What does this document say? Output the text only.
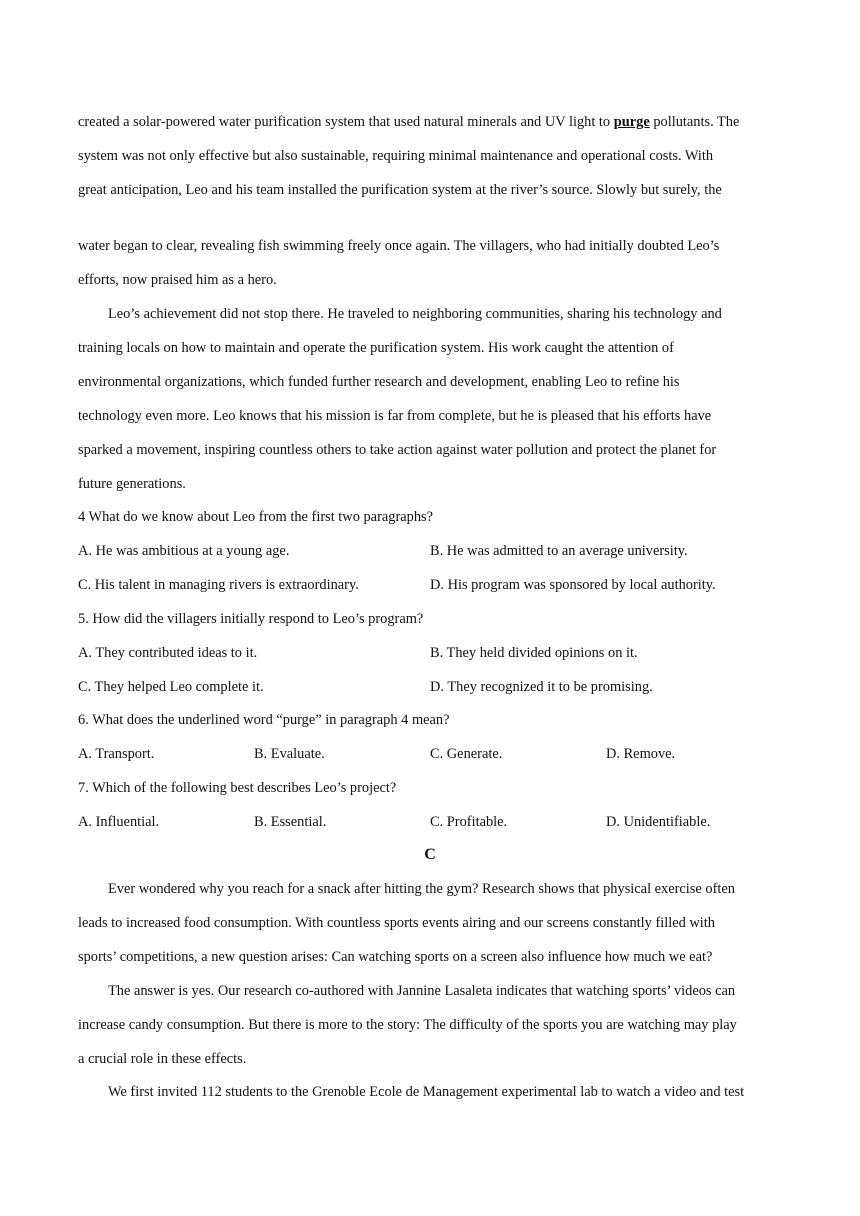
created a solar-powered water purification system that used natural minerals and UV light to purge pollutants. The
system was not only effective but also sustainable, requiring minimal maintenance and operational costs. With
great anticipation, Leo and his team installed the purification system at the river’s source. Slowly but surely, the
water began to clear, revealing fish swimming freely once again. The villagers, who had initially doubted Leo’s
efforts, now praised him as a hero.
Leo’s achievement did not stop there. He traveled to neighboring communities, sharing his technology and
training locals on how to maintain and operate the purification system. His work caught the attention of
environmental organizations, which funded further research and development, enabling Leo to refine his
technology even more. Leo knows that his mission is far from complete, but he is pleased that his efforts have
sparked a movement, inspiring countless others to take action against water pollution and protect the planet for
future generations.
4 What do we know about Leo from the first two paragraphs?
A. He was ambitious at a young age.	B. He was admitted to an average university.
C. His talent in managing rivers is extraordinary.	D. His program was sponsored by local authority.
5. How did the villagers initially respond to Leo’s program?
A. They contributed ideas to it.	B. They held divided opinions on it.
C. They helped Leo complete it.	D. They recognized it to be promising.
6. What does the underlined word “purge” in paragraph 4 mean?
A. Transport.	B. Evaluate.	C. Generate.	D. Remove.
7. Which of the following best describes Leo’s project?
A. Influential.	B. Essential.	C. Profitable.	D. Unidentifiable.
C
Ever wondered why you reach for a snack after hitting the gym? Research shows that physical exercise often
leads to increased food consumption. With countless sports events airing and our screens constantly filled with
sports’ competitions, a new question arises: Can watching sports on a screen also influence how much we eat?
The answer is yes. Our research co-authored with Jannine Lasaleta indicates that watching sports’ videos can
increase candy consumption. But there is more to the story: The difficulty of the sports you are watching may play
a crucial role in these effects.
We first invited 112 students to the Grenoble Ecole de Management experimental lab to watch a video and test
